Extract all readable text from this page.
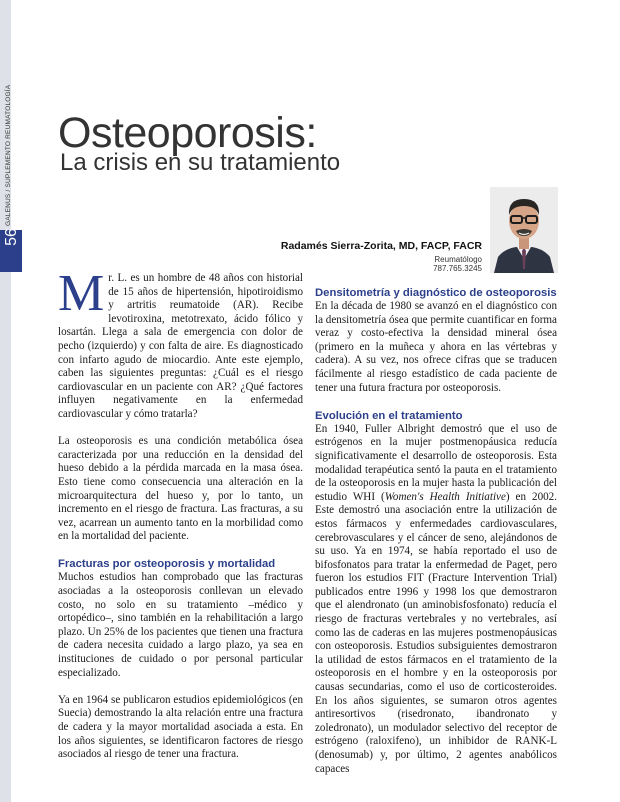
56
GALENUS / SUPLEMENTO REUMATOLOGÍA Osteoporosis:
La crisis en su tratamiento
Radamés Sierra-Zorita, MD, FACP, FACR
Reumatólogo
787.765.3245

Mr. L. es un hombre de 48 años con historial de 15 años de hipertensión, hipotiroidismo y artritis reumatoide (AR). Recibe levotiroxina, metotrexato, ácido fólico y losartán. Llega a sala de emergencia con dolor de pecho (izquierdo) y con falta de aire. Es diagnosticado con infarto agudo de miocardio. Ante este ejemplo, caben las siguientes preguntas: ¿Cuál es el riesgo cardiovascular en un paciente con AR? ¿Qué factores influyen negativamente en la enfermedad cardiovascular y cómo tratarla?

La osteoporosis es una condición metabólica ósea caracterizada por una reducción en la densidad del hueso debido a la pérdida marcada en la masa ósea. Esto tiene como consecuencia una alteración en la microarquitectura del hueso y, por lo tanto, un incremento en el riesgo de fractura. Las fracturas, a su vez, acarrean un aumento tanto en la morbilidad como en la mortalidad del paciente.

Fracturas por osteoporosis y mortalidad

Muchos estudios han comprobado que las fracturas asociadas a la osteoporosis conllevan un elevado costo, no solo en su tratamiento –médico y ortopédico–, sino también en la rehabilitación a largo plazo. Un 25% de los pacientes que tienen una fractura de cadera necesita cuidado a largo plazo, ya sea en instituciones de cuidado o por personal particular especializado.

Ya en 1964 se publicaron estudios epidemiológicos (en Suecia) demostrando la alta relación entre una fractura de cadera y la mayor mortalidad asociada a esta. En los años siguientes, se identificaron factores de riesgo asociados al riesgo de tener una fractura.

Densitometría y diagnóstico de osteoporosis

En la década de 1980 se avanzó en el diagnóstico con la densitometría ósea que permite cuantificar en forma veraz y costo-efectiva la densidad mineral ósea (primero en la muñeca y ahora en las vértebras y cadera). A su vez, nos ofrece cifras que se traducen fácilmente al riesgo estadístico de cada paciente de tener una futura fractura por osteoporosis.

Evolución en el tratamiento

En 1940, Fuller Albright demostró que el uso de estrógenos en la mujer postmenopáusica reducía significativamente el desarrollo de osteoporosis. Esta modalidad terapéutica sentó la pauta en el tratamiento de la osteoporosis en la mujer hasta la publicación del estudio WHI (Women's Health Initiative) en 2002. Este demostró una asociación entre la utilización de estos fármacos y enfermedades cardiovasculares, cerebrovasculares y el cáncer de seno, alejándonos de su uso. Ya en 1974, se había reportado el uso de bifosfonatos para tratar la enfermedad de Paget, pero fueron los estudios FIT (Fracture Intervention Trial) publicados entre 1996 y 1998 los que demostraron que el alendronato (un aminobisfosfonato) reducía el riesgo de fracturas vertebrales y no vertebrales, así como las de caderas en las mujeres postmenopáusicas con osteoporosis. Estudios subsiguientes demostraron la utilidad de estos fármacos en el tratamiento de la osteoporosis en el hombre y en la osteoporosis por causas secundarias, como el uso de corticosteroides. En los años siguientes, se sumaron otros agentes antiresortivos (risedronato, ibandronato y zoledronato), un modulador selectivo del receptor de estrógeno (raloxifeno), un inhibidor de RANK-L (denosumab) y, por último, 2 agentes anabólicos capaces
